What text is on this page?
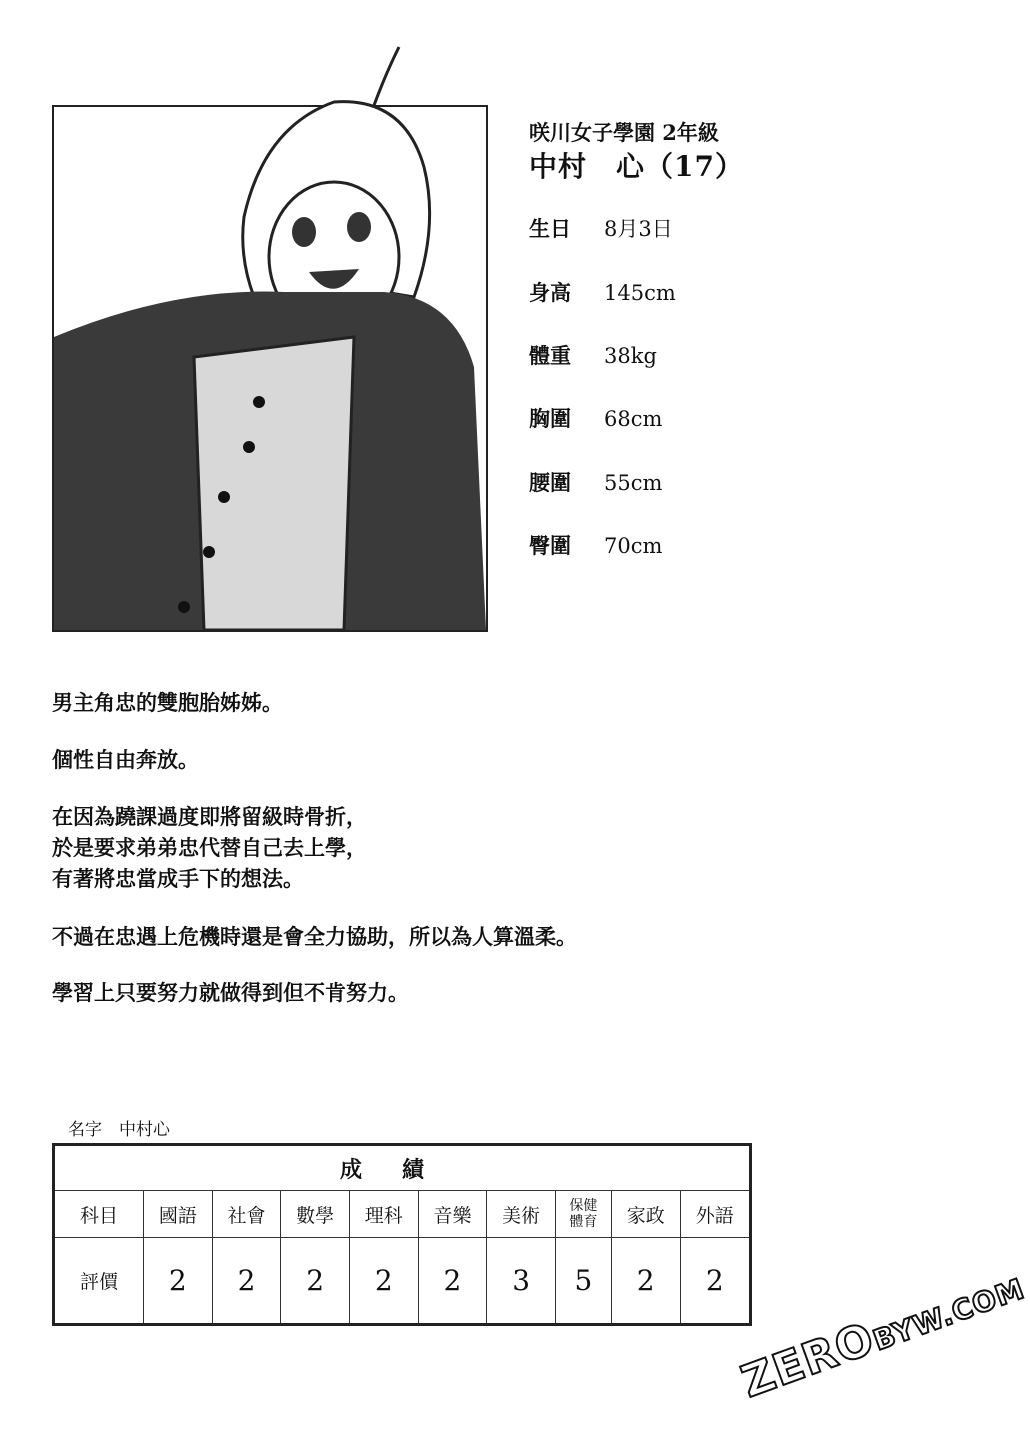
咲川女子學園 2年級
中村　心（17）
生日 8月3日
身高 145cm
體重 38kg
胸圍 68cm
腰圍 55cm
臀圍 70cm
男主角忠的雙胞胎姊姊。
個性自由奔放。
在因為蹺課過度即將留級時骨折，
於是要求弟弟忠代替自己去上學，
有著將忠當成手下的想法。
不過在忠遇上危機時還是會全力協助，所以為人算溫柔。
學習上只要努力就做得到但不肯努力。
名字　中村心
成績									
科目	國語	社會	數學	理科	音樂	美術	保健體育	家政	外語
評價	2	2	2	2	2	3	5	2	2
ZEROBYW.COM
